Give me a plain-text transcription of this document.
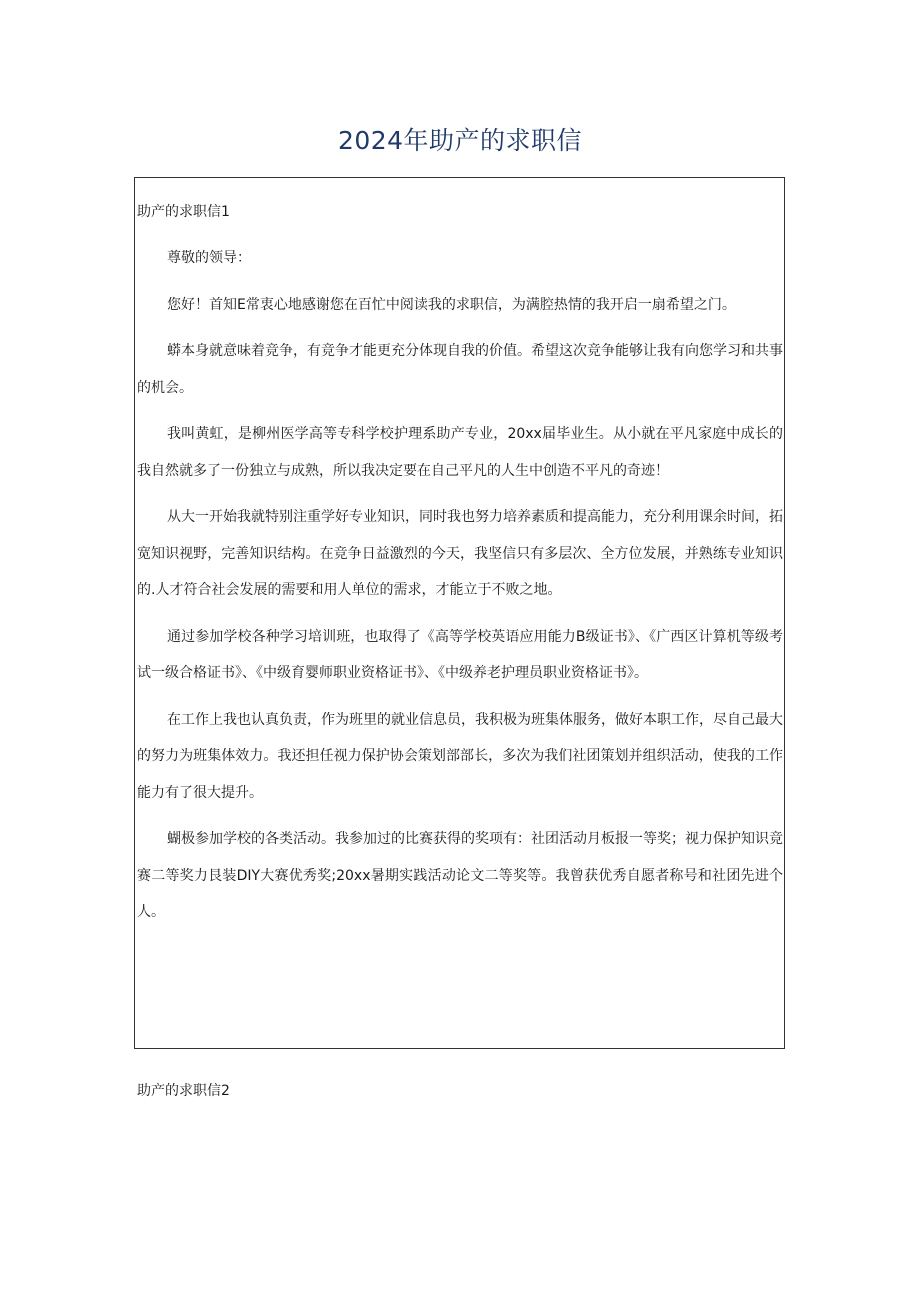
2024年助产的求职信
助产的求职信1

尊敬的领导：

您好！首知E常衷心地感谢您在百忙中阅读我的求职信，为满腔热情的我开启一扇希望之门。

蟒本身就意味着竞争，有竞争才能更充分体现自我的价值。希望这次竞争能够让我有向您学习和共事的机会。

我叫黄虹，是柳州医学高等专科学校护理系助产专业，20xx届毕业生。从小就在平凡家庭中成长的我自然就多了一份独立与成熟，所以我决定要在自己平凡的人生中创造不平凡的奇迹！

从大一开始我就特别注重学好专业知识，同时我也努力培养素质和提高能力，充分利用课余时间，拓宽知识视野，完善知识结构。在竞争日益激烈的今天，我坚信只有多层次、全方位发展，并熟练专业知识的.人才符合社会发展的需要和用人单位的需求，才能立于不败之地。

通过参加学校各种学习培训班，也取得了《高等学校英语应用能力B级证书》、《广西区计算机等级考试一级合格证书》、《中级育婴师职业资格证书》、《中级养老护理员职业资格证书》。

在工作上我也认真负责，作为班里的就业信息员，我积极为班集体服务，做好本职工作，尽自己最大的努力为班集体效力。我还担任视力保护协会策划部部长，多次为我们社团策划并组织活动，使我的工作能力有了很大提升。

蝴极参加学校的各类活动。我参加过的比赛获得的奖项有：社团活动月板报一等奖；视力保护知识竞赛二等奖力艮装DIY大赛优秀奖;20xx暑期实践活动论文二等奖等。我曾获优秀自愿者称号和社团先进个人。

助产的求职信2
